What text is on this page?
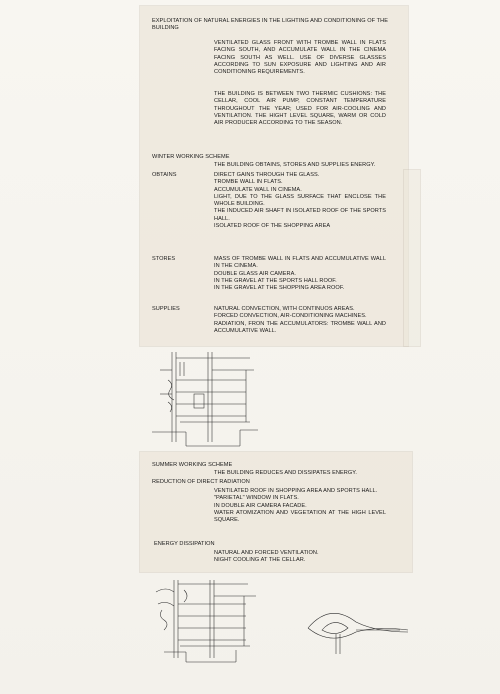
EXPLOITATION OF NATURAL ENERGIES IN THE LIGHTING AND CONDITIONING OF THE
BUILDING
VENTILATED GLASS FRONT WITH TROMBE WALL IN FLATS FACING SOUTH, AND ACCUMULATE WALL IN THE CINEMA FACING SOUTH AS WELL. USE OF DIVERSE GLASSES ACCORDING TO SUN EXPOSURE AND LIGHTING AND AIR CONDITIONING REQUIREMENTS.
THE BUILDING IS BETWEEN TWO THERMIC CUSHIONS: THE CELLAR, COOL AIR PUMP, CONSTANT TEMPERATURE THROUGHOUT THE YEAR; USED FOR AIR-COOLING AND VENTILATION. THE HIGHT LEVEL SQUARE, WARM OR COLD AIR PRODUCER ACCORDING TO THE SEASON.
WINTER WORKING SCHEME
THE BUILDING OBTAINS, STORES AND SUPPLIES ENERGY.
OBTAINS	DIRECT GAINS THROUGH THE GLASS.
TROMBE WALL IN FLATS.
ACCUMULATE WALL IN CINEMA.
LIGHT, DUE TO THE GLASS SURFACE THAT ENCLOSE THE WHOLE BUILDING.
THE INDUCED AIR SHAFT IN ISOLATED ROOF OF THE SPORTS HALL.
ISOLATED ROOF OF THE SHOPPING AREA
STORES	MASS OF TROMBE WALL IN FLATS AND ACCUMULATIVE WALL IN THE CINEMA.
DOUBLE GLASS AIR CAMERA.
IN THE GRAVEL AT THE SPORTS HALL ROOF.
IN THE GRAVEL AT THE SHOPPING AREA ROOF.
SUPPLIES	NATURAL CONVECTION, WITH CONTINUOS AREAS.
FORCED CONVECTION, AIR-CONDITIONING MACHINES.
RADIATION, FRON THE ACCUMULATORS: TROMBE WALL AND ACCUMULATIVE WALL.
SUMMER WORKING SCHEME
THE BUILDING REDUCES AND DISSIPATES ENERGY.
REDUCTION OF DIRECT RADIATION
VENTILATED ROOF IN SHOPPING AREA AND SPORTS HALL.
"PARIETAL" WINDOW IN FLATS.
IN DOUBLE AIR CAMERA FACADE.
WATER ATOMIZATION AND VEGETATION AT THE HIGH LEVEL SQUARE.
ENERGY DISSIPATION
NATURAL AND FORCED VENTILATION.
NIGHT COOLING AT THE CELLAR.
